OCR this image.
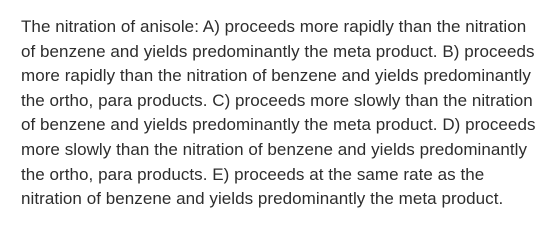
The nitration of anisole: A) proceeds more rapidly than the nitration of benzene and yields predominantly the meta product. B) proceeds more rapidly than the nitration of benzene and yields predominantly the ortho, para products. C) proceeds more slowly than the nitration of benzene and yields predominantly the meta product. D) proceeds more slowly than the nitration of benzene and yields predominantly the ortho, para products. E) proceeds at the same rate as the nitration of benzene and yields predominantly the meta product.
